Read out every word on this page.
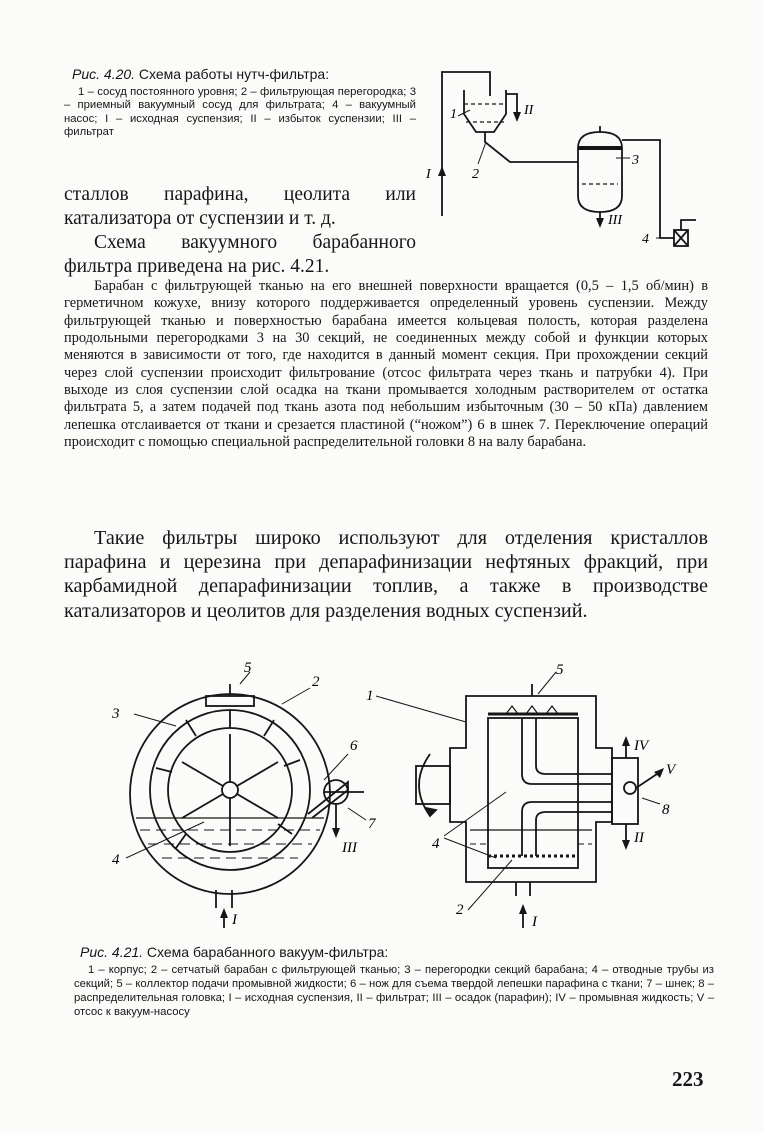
Рис. 4.20. Схема работы нутч-фильтра:
1 – сосуд постоянного уровня; 2 – фильтрующая перегородка; 3 – приемный вакуумный сосуд для фильтрата; 4 – вакуумный насос; I – исходная суспензия; II – избыток суспензии; III – фильтрат
1
2
3
4
I
II
III
сталлов парафина, цеолита или катализатора от суспензии и т. д.
Схема вакуумного барабанного фильтра приведена на рис. 4.21.
Барабан с фильтрующей тканью на его внешней поверхности вращается (0,5 – 1,5 об/мин) в герметичном кожухе, внизу которого поддерживается определенный уровень суспензии. Между фильтрующей тканью и поверхностью барабана имеется кольцевая полость, которая разделена продольными перегородками 3 на 30 секций, не соединенных между собой и функции которых меняются в зависимости от того, где находится в данный момент секция. При прохождении секций через слой суспензии происходит фильтрование (отсос фильтрата через ткань и патрубки 4). При выходе из слоя суспензии слой осадка на ткани промывается холодным растворителем от остатка фильтрата 5, а затем подачей под ткань азота под небольшим избыточным (30 – 50 кПа) давлением лепешка отслаивается от ткани и срезается пластиной (“ножом”) 6 в шнек 7. Переключение операций происходит с помощью специальной распределительной головки 8 на валу барабана.
Такие фильтры широко используют для отделения кристаллов парафина и церезина при депарафинизации нефтяных фракций, при карбамидной депарафинизации топлив, а также в производстве катализаторов и цеолитов для разделения водных суспензий.
5
2
3
6
7
4
III
I
1
5
IV
V
8
II
4
2
I
Рис. 4.21. Схема барабанного вакуум-фильтра:
1 – корпус; 2 – сетчатый барабан с фильтрующей тканью; 3 – перегородки секций барабана; 4 – отводные трубы из секций; 5 – коллектор подачи промывной жидкости; 6 – нож для съема твердой лепешки парафина с ткани; 7 – шнек; 8 – распределительная головка; I – исходная суспензия, II – фильтрат; III – осадок (парафин); IV – промывная жидкость; V – отсос к вакуум-насосу
223
